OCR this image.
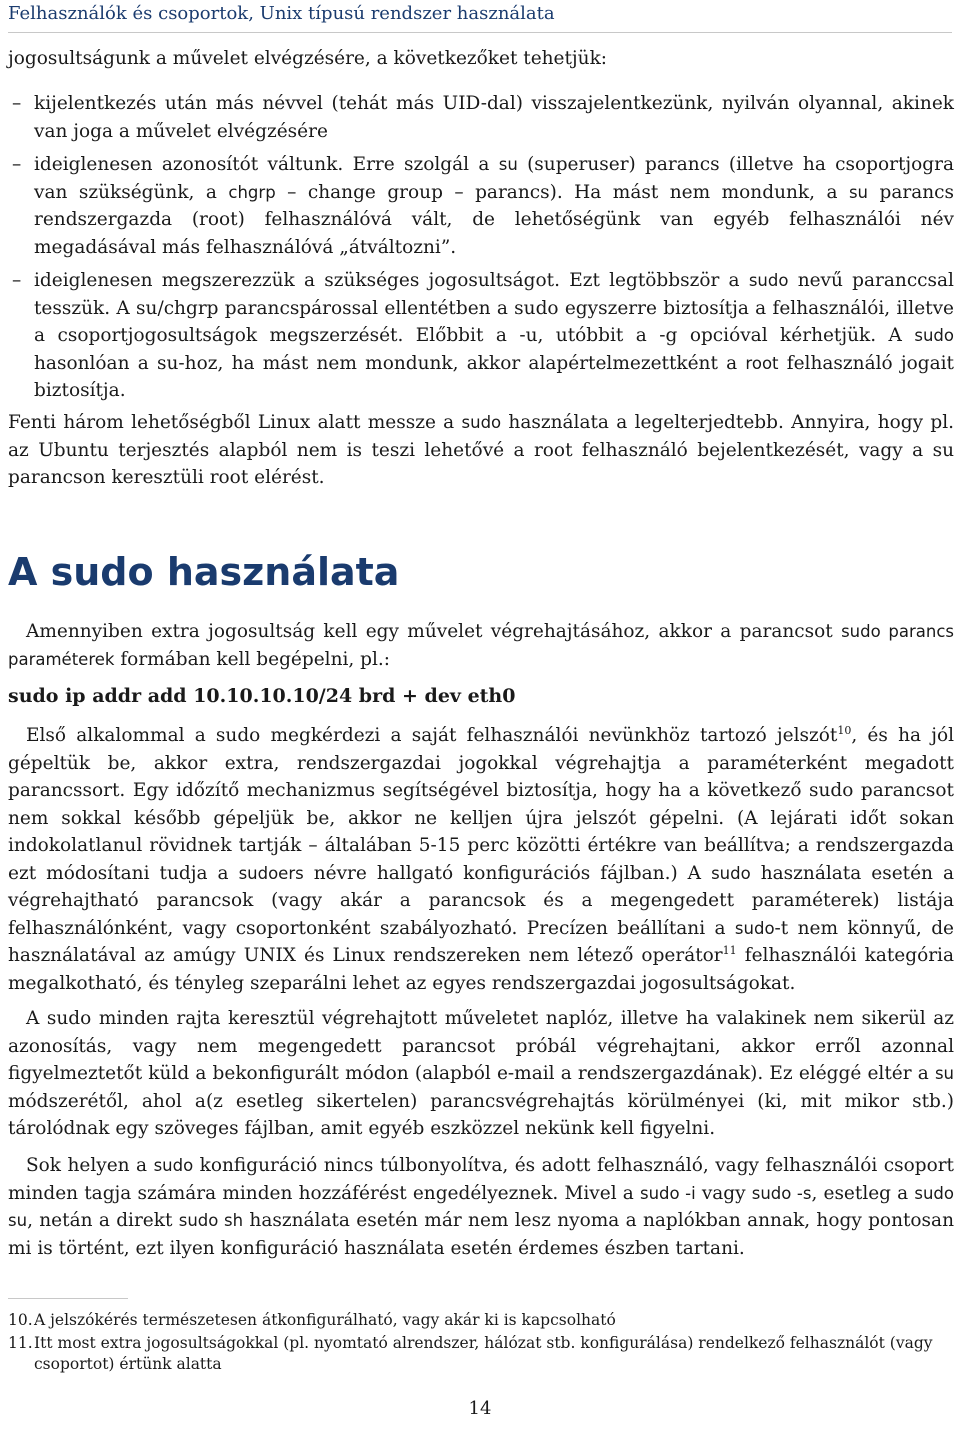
Felhasználók és csoportok, Unix típusú rendszer használata

jogosultságunk a művelet elvégzésére, a következőket tehetjük:

– kijelentkezés után más névvel (tehát más UID-dal) visszajelentkezünk, nyilván olyannal, akinek van joga a művelet elvégzésére
– ideiglenesen azonosítót váltunk. Erre szolgál a su (superuser) parancs (illetve ha csoportjogra van szükségünk, a chgrp – change group – parancs). Ha mást nem mondunk, a su parancs rendszergazda (root) felhasználóvá vált, de lehetőségünk van egyéb felhasználói név megadásával más felhasználóvá „átváltozni”.
– ideiglenesen megszerezzük a szükséges jogosultságot. Ezt legtöbbször a sudo nevű paranccsal tesszük. A su/chgrp parancspárossal ellentétben a sudo egyszerre biztosítja a felhasználói, illetve a csoportjogosultságok megszerzését. Előbbit a -u, utóbbit a -g opcióval kérhetjük. A sudo hasonlóan a su-hoz, ha mást nem mondunk, akkor alapértelmezettként a root felhasználó jogait biztosítja.

Fenti három lehetőségből Linux alatt messze a sudo használata a legelterjedtebb. Annyira, hogy pl. az Ubuntu terjesztés alapból nem is teszi lehetővé a root felhasználó bejelentkezését, vagy a su parancson keresztüli root elérést.

A sudo használata

Amennyiben extra jogosultság kell egy művelet végrehajtásához, akkor a parancsot sudo parancs paraméterek formában kell begépelni, pl.:

sudo ip addr add 10.10.10.10/24 brd + dev eth0

Első alkalommal a sudo megkérdezi a saját felhasználói nevünkhöz tartozó jelszót$^{10}$, és ha jól gépeltük be, akkor extra, rendszergazdai jogokkal végrehajtja a paraméterként megadott parancssort. Egy időzítő mechanizmus segítségével biztosítja, hogy ha a következő sudo parancsot nem sokkal később gépeljük be, akkor ne kelljen újra jelszót gépelni. (A lejárati időt sokan indokolatlanul rövidnek tartják – általában 5-15 perc közötti értékre van beállítva; a rendszergazda ezt módosítani tudja a sudoers névre hallgató konfigurációs fájlban.) A sudo használata esetén a végrehajtható parancsok (vagy akár a parancsok és a megengedett paraméterek) listája felhasználónként, vagy csoportonként szabályozható. Precízen beállítani a sudo-t nem könnyű, de használatával az amúgy UNIX és Linux rendszereken nem létező operátor$^{11}$ felhasználói kategória megalkotható, és tényleg szeparálni lehet az egyes rendszergazdai jogosultságokat.

A sudo minden rajta keresztül végrehajtott műveletet naplóz, illetve ha valakinek nem sikerül az azonosítás, vagy nem megengedett parancsot próbál végrehajtani, akkor erről azonnal figyelmeztetőt küld a bekonfigurált módon (alapból e-mail a rendszergazdának). Ez eléggé eltér a su módszerétől, ahol a(z esetleg sikertelen) parancsvégrehajtás körülményei (ki, mit mikor stb.) tárolódnak egy szöveges fájlban, amit egyéb eszközzel nekünk kell figyelni.

Sok helyen a sudo konfiguráció nincs túlbonyolítva, és adott felhasználó, vagy felhasználói csoport minden tagja számára minden hozzáférést engedélyeznek. Mivel a sudo -i vagy sudo -s, esetleg a sudo su, netán a direkt sudo sh használata esetén már nem lesz nyoma a naplókban annak, hogy pontosan mi is történt, ezt ilyen konfiguráció használata esetén érdemes észben tartani.

10. A jelszókérés természetesen átkonfigurálható, vagy akár ki is kapcsolható
11. Itt most extra jogosultságokkal (pl. nyomtató alrendszer, hálózat stb. konfigurálása) rendelkező felhasználót (vagy csoportot) értünk alatta
14
